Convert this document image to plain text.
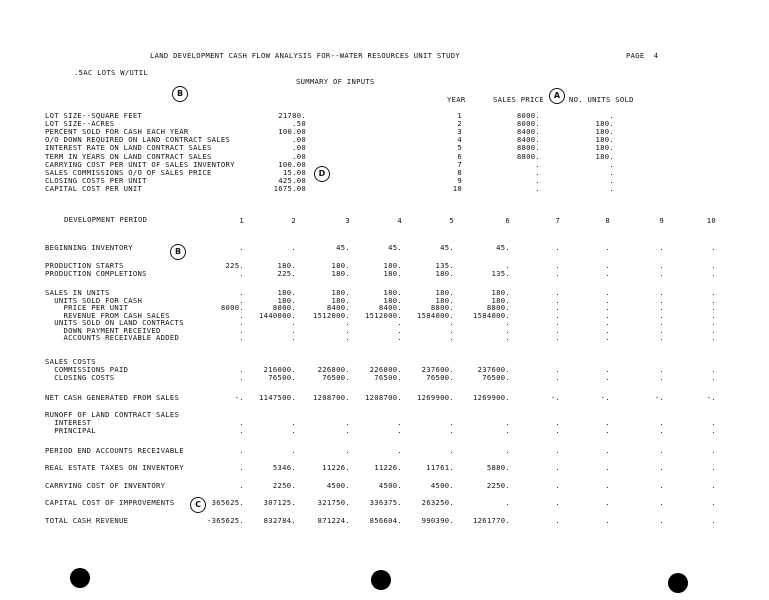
LAND DEVELOPMENT CASH FLOW ANALYSIS FOR--WATER RESOURCES UNIT STUDY	PAGE  4
.5AC LOTS W/UTIL
SUMMARY OF INPUTS
B	A
D
B
C
YEAR	SALES PRICE	NO. UNITS SOLD
LOT SIZE--SQUARE FEET	21780.
LOT SIZE--ACRES	.50
PERCENT SOLD FOR CASH EACH YEAR	100.00
O/O DOWN REQUIRED ON LAND CONTRACT SALES	.00
INTEREST RATE ON LAND CONTRACT SALES	.00
TERM IN YEARS ON LAND CONTRACT SALES	.00
CARRYING COST PER UNIT OF SALES INVENTORY	100.00
SALES COMMISSIONS O/O OF SALES PRICE	15.00
CLOSING COSTS PER UNIT	425.00
CAPITAL COST PER UNIT	1675.00
1	8000.	.
2	8000.	180.
3	8400.	180.
4	8400.	180.
5	8800.	180.
6	8800.	180.
7	.	.
8	.	.
9	.	.
10	.	.
DEVELOPMENT PERIOD	1	2	3	4	5	6	7	8	9	10
BEGINNING INVENTORY	.	.	45.	45.	45.	45.	.	.	.	.
PRODUCTION STARTS	225.	180.	180.	180.	135.	.	.	.	.	.
PRODUCTION COMPLETIONS	.	225.	180.	180.	180.	135.	.	.	.	.
SALES IN UNITS	.	180.	180.	180.	180.	180.	.	.	.	.
UNITS SOLD FOR CASH	.	180.	180.	180.	180.	180.	.	.	.	.
PRICE PER UNIT	8000.	8000.	8400.	8400.	8800.	8800.	.	.	.	.
REVENUE FROM CASH SALES	.	1440000.	1512000.	1512000.	1584000.	1584000.	.	.	.	.
UNITS SOLD ON LAND CONTRACTS	.	.	.	.	.	.	.	.	.	.
DOWN PAYMENT RECEIVED	.	.	.	.	.	.	.	.	.	.
ACCOUNTS RECEIVABLE ADDED	.	.	.	.	.	.	.	.	.	.
SALES COSTS
COMMISSIONS PAID	.	216000.	226800.	226800.	237600.	237600.	.	.	.	.
CLOSING COSTS	.	76500.	76500.	76500.	76500.	76500.	.	.	.	.
NET CASH GENERATED FROM SALES	-.	1147500.	1208700.	1208700.	1269900.	1269900.	-.	-.	-.	-.
RUNOFF OF LAND CONTRACT SALES
INTEREST	.	.	.	.	.	.	.	.	.	.
PRINCIPAL	.	.	.	.	.	.	.	.	.	.
PERIOD END ACCOUNTS RECEIVABLE	.	.	.	.	.	.	.	.	.	.
REAL ESTATE TAXES ON INVENTORY	.	5346.	11226.	11226.	11761.	5880.	.	.	.	.
CARRYING COST OF INVENTORY	.	2250.	4500.	4500.	4500.	2250.	.	.	.	.
CAPITAL COST OF IMPROVEMENTS	365625.	307125.	321750.	336375.	263250.	.	.	.	.	.
TOTAL CASH REVENUE	-365625.	832784.	871224.	856604.	990390.	1261770.	.	.	.	.
